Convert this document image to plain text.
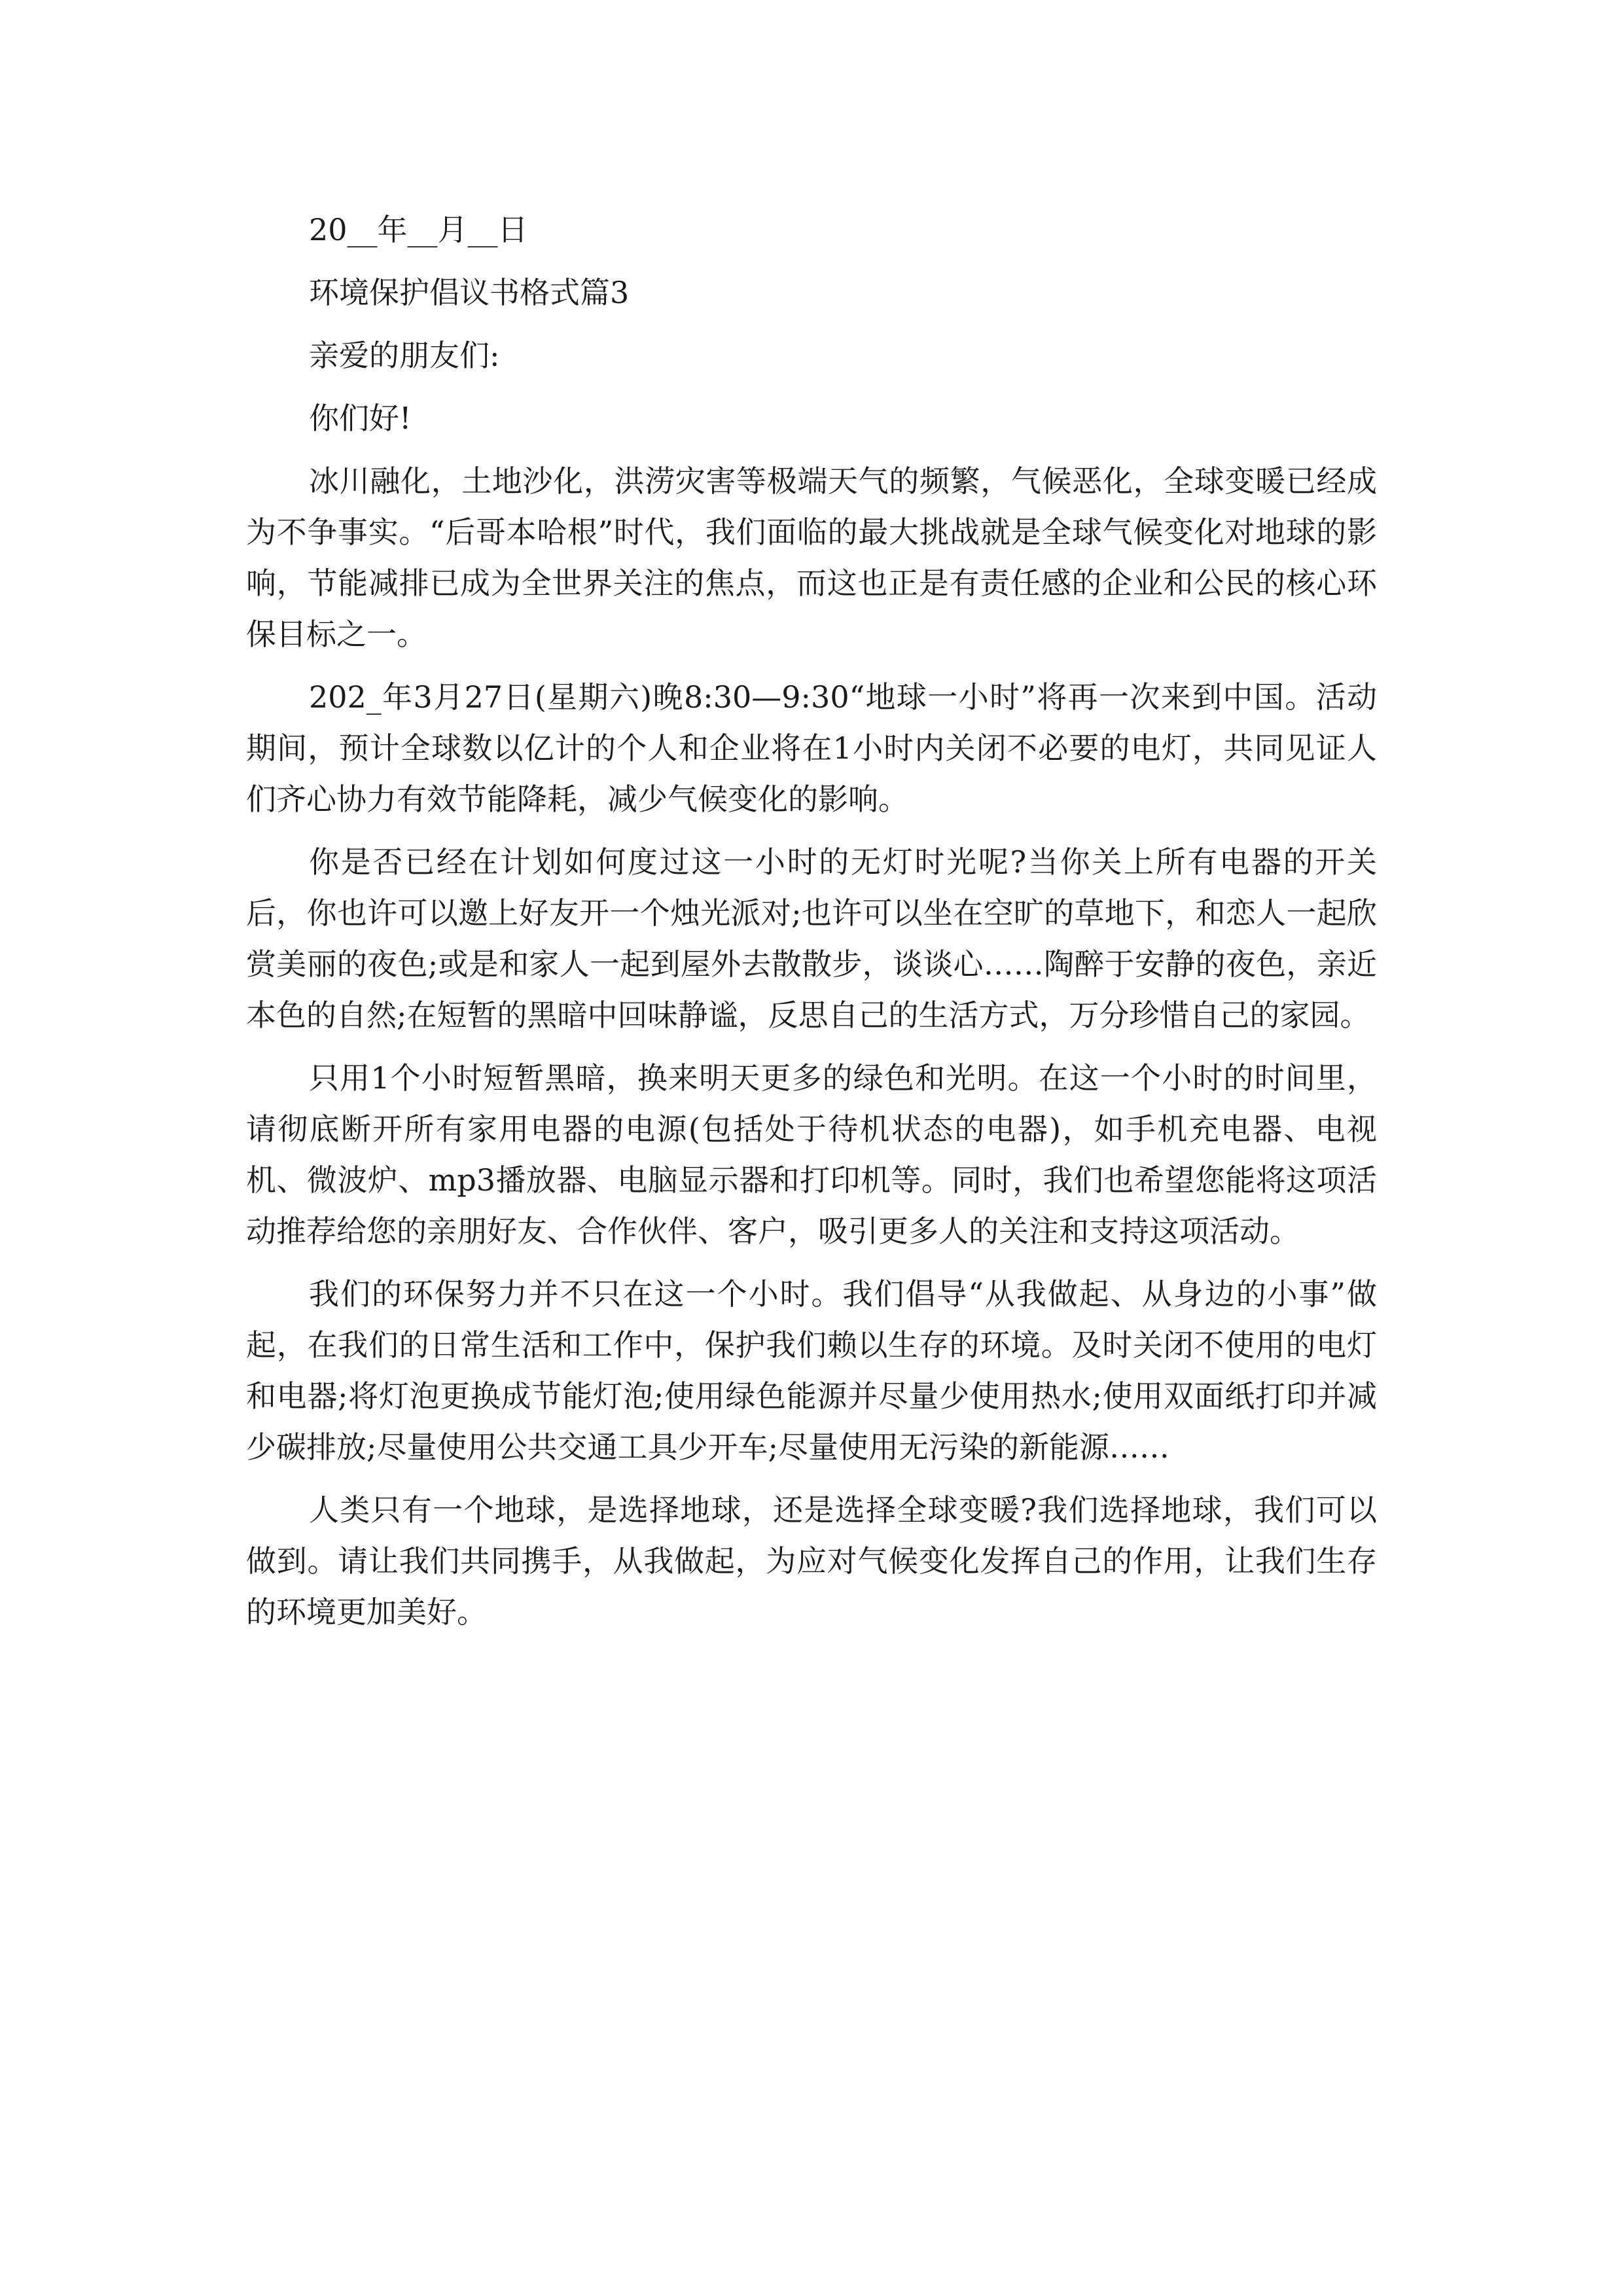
20__年__月__日

环境保护倡议书格式篇3

亲爱的朋友们:

你们好!

冰川融化，土地沙化，洪涝灾害等极端天气的频繁，气候恶化，全球变暖已经成为不争事实。“后哥本哈根”时代，我们面临的最大挑战就是全球气候变化对地球的影响，节能减排已成为全世界关注的焦点，而这也正是有责任感的企业和公民的核心环保目标之一。

202_年3月27日(星期六)晚8:30—9:30“地球一小时”将再一次来到中国。活动期间，预计全球数以亿计的个人和企业将在1小时内关闭不必要的电灯，共同见证人们齐心协力有效节能降耗，减少气候变化的影响。

你是否已经在计划如何度过这一小时的无灯时光呢?当你关上所有电器的开关后，你也许可以邀上好友开一个烛光派对;也许可以坐在空旷的草地下，和恋人一起欣赏美丽的夜色;或是和家人一起到屋外去散散步，谈谈心……陶醉于安静的夜色，亲近本色的自然;在短暂的黑暗中回味静谧，反思自己的生活方式，万分珍惜自己的家园。

只用1个小时短暂黑暗，换来明天更多的绿色和光明。在这一个小时的时间里，请彻底断开所有家用电器的电源(包括处于待机状态的电器)，如手机充电器、电视机、微波炉、mp3播放器、电脑显示器和打印机等。同时，我们也希望您能将这项活动推荐给您的亲朋好友、合作伙伴、客户，吸引更多人的关注和支持这项活动。

我们的环保努力并不只在这一个小时。我们倡导“从我做起、从身边的小事”做起，在我们的日常生活和工作中，保护我们赖以生存的环境。及时关闭不使用的电灯和电器;将灯泡更换成节能灯泡;使用绿色能源并尽量少使用热水;使用双面纸打印并减少碳排放;尽量使用公共交通工具少开车;尽量使用无污染的新能源……

人类只有一个地球，是选择地球，还是选择全球变暖?我们选择地球，我们可以做到。请让我们共同携手，从我做起，为应对气候变化发挥自己的作用，让我们生存的环境更加美好。
